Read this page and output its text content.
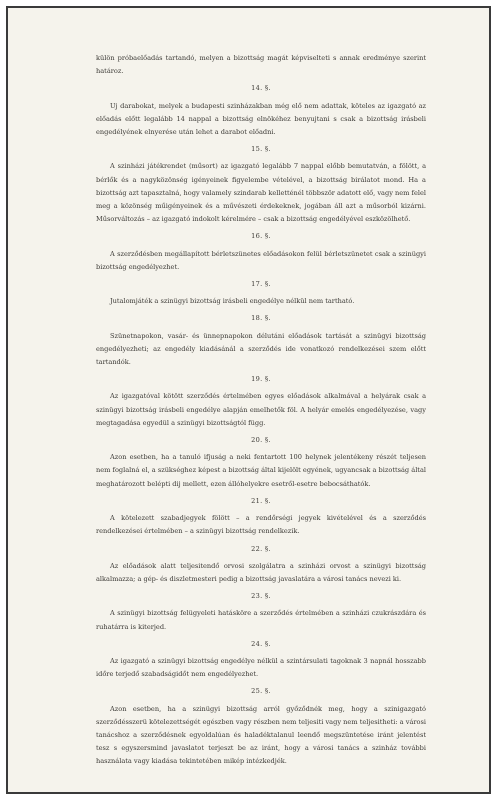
külön próbaelőadás tartandó, melyen a bizottság magát képviselteti s annak eredménye szerint határoz.

14. §.

Uj darabokat, melyek a budapesti szinházakban még elő nem adattak, köteles az igazgató az előadás előtt legalább 14 nappal a bizottság elnökéhez benyujtani s csak a bizottság irásbeli engedélyének elnyerése után lehet a darabot előadni.

15. §.

A szinházi játékrendet (műsort) az igazgató legalább 7 nappal előbb bemutatván, a fölött, a bérlők és a nagyközönség igényeinek figyelembe vételével, a bizottság birálatot mond. Ha a bizottság azt tapasztalná, hogy valamely szindarab kelletténél többször adatott elő, vagy nem felel meg a közönség műigényeinek és a művészeti érdekeknek, jogában áll azt a műsorból kizárni. Műsorváltozás – az igazgató indokolt kérelmére – csak a bizottság engedélyével eszközölhető.

16. §.

A szerződésben megállapított bérletszünetes előadásokon felül bérletszünetet csak a szinügyi bizottság engedélyezhet.

17. §.

Jutalomjáték a szinügyi bizottság irásbeli engedélye nélkül nem tartható.

18. §.

Szünetnapokon, vasár- és ünnepnapokon délutáni előadások tartását a szinügyi bizottság engedélyezheti; az engedély kiadásánál a szerződés ide vonatkozó rendelkezései szem előtt tartandók.

19. §.

Az igazgatóval kötött szerződés értelmében egyes előadások alkalmával a helyárak csak a szinügyi bizottság irásbeli engedélye alapján emelhetők föl. A helyár emelés engedélyezése, vagy megtagadása egyedül a szinügyi bizottságtól függ.

20. §.

Azon esetben, ha a tanuló ifjuság a neki fentartott 100 helynek jelentékeny részét teljesen nem foglalná el, a szükséghez képest a bizottság által kijelölt egyének, ugyancsak a bizottság által meghatározott belépti dij mellett, ezen állóhelyekre esetről-esetre bebocsáthatók.

21. §.

A kötelezett szabadjegyek fölött – a rendőrségi jegyek kivételével és a szerződés rendelkezései értelmében – a szinügyi bizottság rendelkezik.

22. §.

Az előadások alatt teljesitendő orvosi szolgálatra a szinházi orvost a szinügyi bizottság alkalmazza; a gép- és diszletmesteri pedig a bizottság javaslatára a városi tanács nevezi ki.

23. §.

A szinügyi bizottság felügyeleti hatásköre a szerződés értelmében a szinházi czukrászdára és ruhatárra is kiterjed.

24. §.

Az igazgató a szinügyi bizottság engedélye nélkül a szintársulati tagoknak 3 napnál hosszabb időre terjedő szabadságidőt nem engedélyezhet.

25. §.

Azon esetben, ha a szinügyi bizottság arról győződnék meg, hogy a szinigazgató szerződésszerü kötelezettségét egészben vagy részben nem teljesiti vagy nem teljesitheti: a városi tanácshoz a szerződésnek egyoldalúan és haladéktalanul leendő megszüntetése iránt jelentést tesz s egyszersmind javaslatot terjeszt be az iránt, hogy a városi tanács a szinház további használata vagy kiadása tekintetében mikép intézkedjék.
